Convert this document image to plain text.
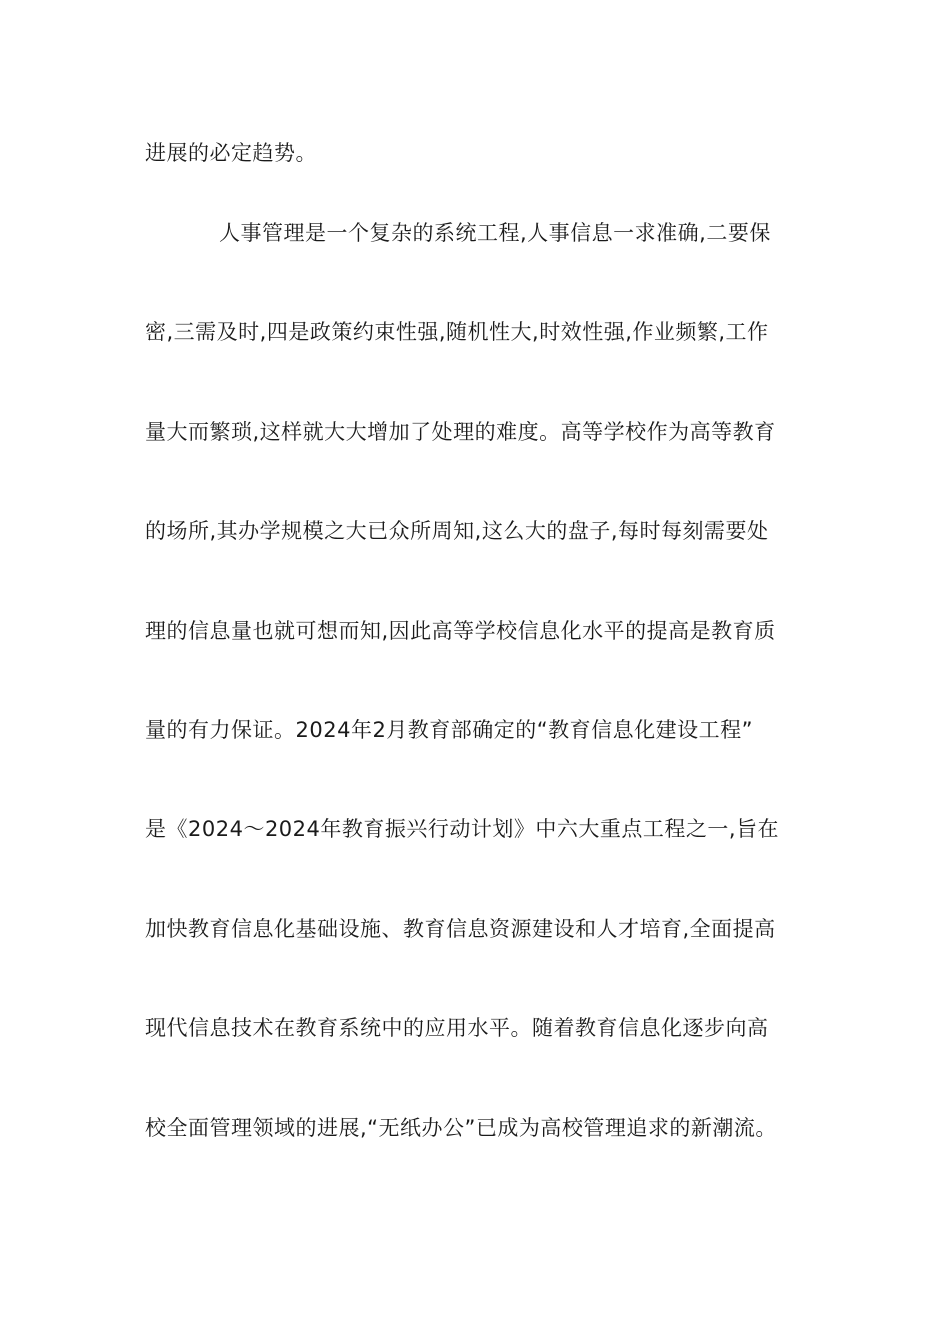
进展的必定趋势。
人事管理是一个复杂的系统工程,人事信息一求准确,二要保
密,三需及时,四是政策约束性强,随机性大,时效性强,作业频繁,工作
量大而繁琐,这样就大大增加了处理的难度。高等学校作为高等教育
的场所,其办学规模之大已众所周知,这么大的盘子,每时每刻需要处
理的信息量也就可想而知,因此高等学校信息化水平的提高是教育质
量的有力保证。2024年2月教育部确定的“教育信息化建设工程”
是《2024～2024年教育振兴行动计划》中六大重点工程之一,旨在
加快教育信息化基础设施、教育信息资源建设和人才培育,全面提高
现代信息技术在教育系统中的应用水平。随着教育信息化逐步向高
校全面管理领域的进展,“无纸办公”已成为高校管理追求的新潮流。
